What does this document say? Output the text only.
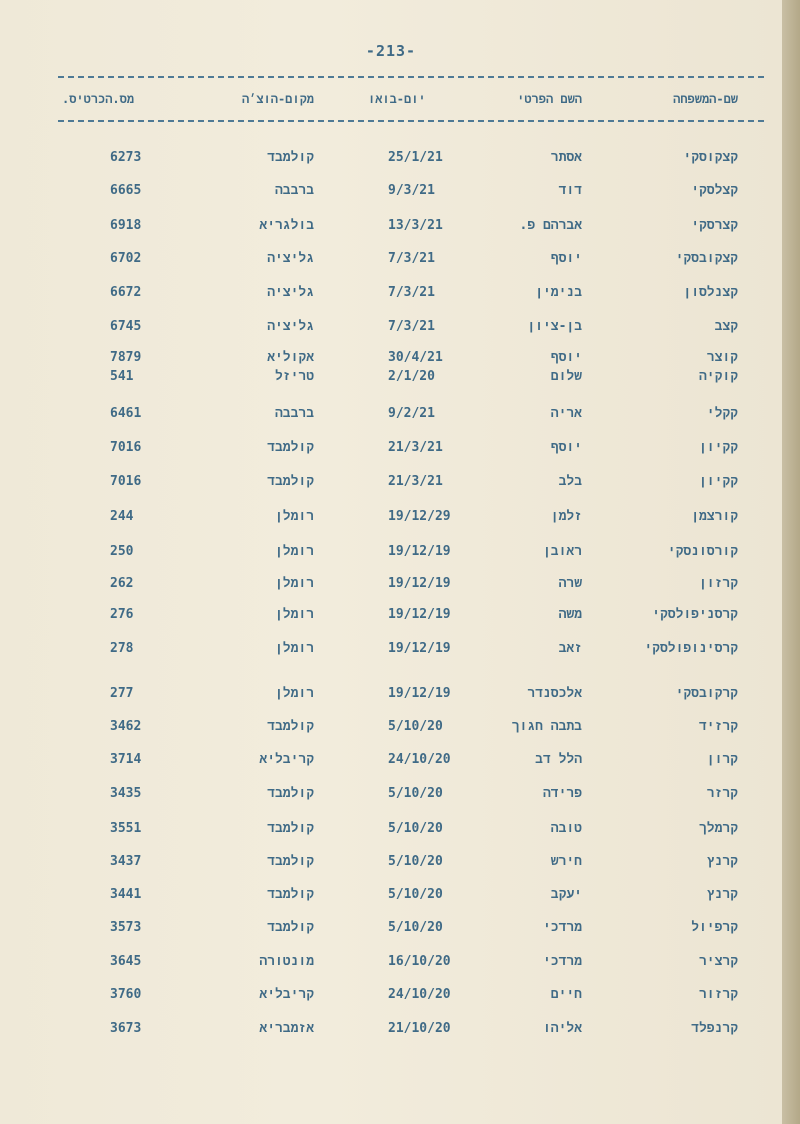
-213-
שם-המשפחה
השם הפרטי
יום-בואו
מקום-הוצ׳ה
מס.הכרטיס.
קצקוסקי
אסתר
25/1/21
קולמבד
6273
קצלסקי
דוד
9/3/21
ברבבה
6665
קצרסקי
אברהם פ.
13/3/21
בולגריא
6918
קצקובסקי
יוסף
7/3/21
גליציה
6702
קצנלסון
בנימין
7/3/21
גליציה
6672
קצב
בן-ציון
7/3/21
גליציה
6745
קוצר
יוסף
30/4/21
אקוליא
7879
קוקיה
שלום
2/1/20
טריזל
541
קקלי
אריה
9/2/21
ברבבה
6461
קקיון
יוסף
21/3/21
קולמבד
7016
קקיון
בלב
21/3/21
קולמבד
7016
קורצמן
זלמן
19/12/29
רומלן
244
קורסונסקי
ראובן
19/12/19
רומלן
250
קרזון
שרה
19/12/19
רומלן
262
קרסניפולסקי
משה
19/12/19
רומלן
276
קרסינופולסקי
זאב
19/12/19
רומלן
278
קרקובסקי
אלכסנדר
19/12/19
רומלן
277
קרזיד
בתבה חגוך
5/10/20
קולמבד
3462
קרון
הלל דב
24/10/20
קריבליא
3714
קרזר
פרידה
5/10/20
קולמבד
3435
קרמלך
טובה
5/10/20
קולמבד
3551
קרנץ
חירש
5/10/20
קולמבד
3437
קרנץ
יעקב
5/10/20
קולמבד
3441
קרפיול
מרדכי
5/10/20
קולמבד
3573
קרציר
מרדכי
16/10/20
מונטורה
3645
קרזור
חיים
24/10/20
קריבליא
3760
קרנפלד
אליהו
21/10/20
אזמבריא
3673
